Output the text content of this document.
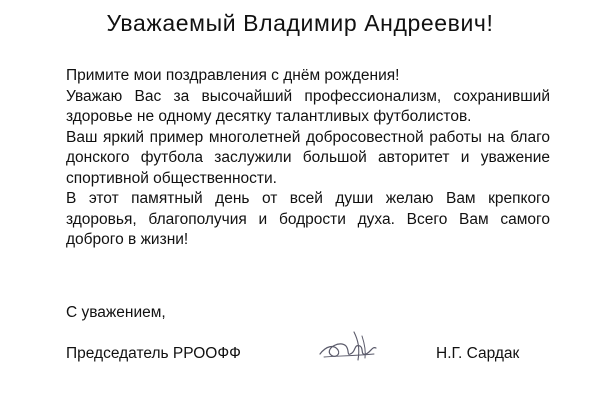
Уважаемый Владимир Андреевич!

Примите мои поздравления с днём рождения!

Уважаю Вас за высочайший профессионализм, сохранивший здоровье не одному десятку талантливых футболистов.

Ваш яркий пример многолетней добросовестной работы на благо донского футбола заслужили большой авторитет и уважение спортивной общественности.

В этот памятный день от всей души желаю Вам крепкого здоровья, благополучия и бодрости духа. Всего Вам самого доброго в жизни!

С уважением,
Председатель РРООФФ	Н.Г. Сардак
